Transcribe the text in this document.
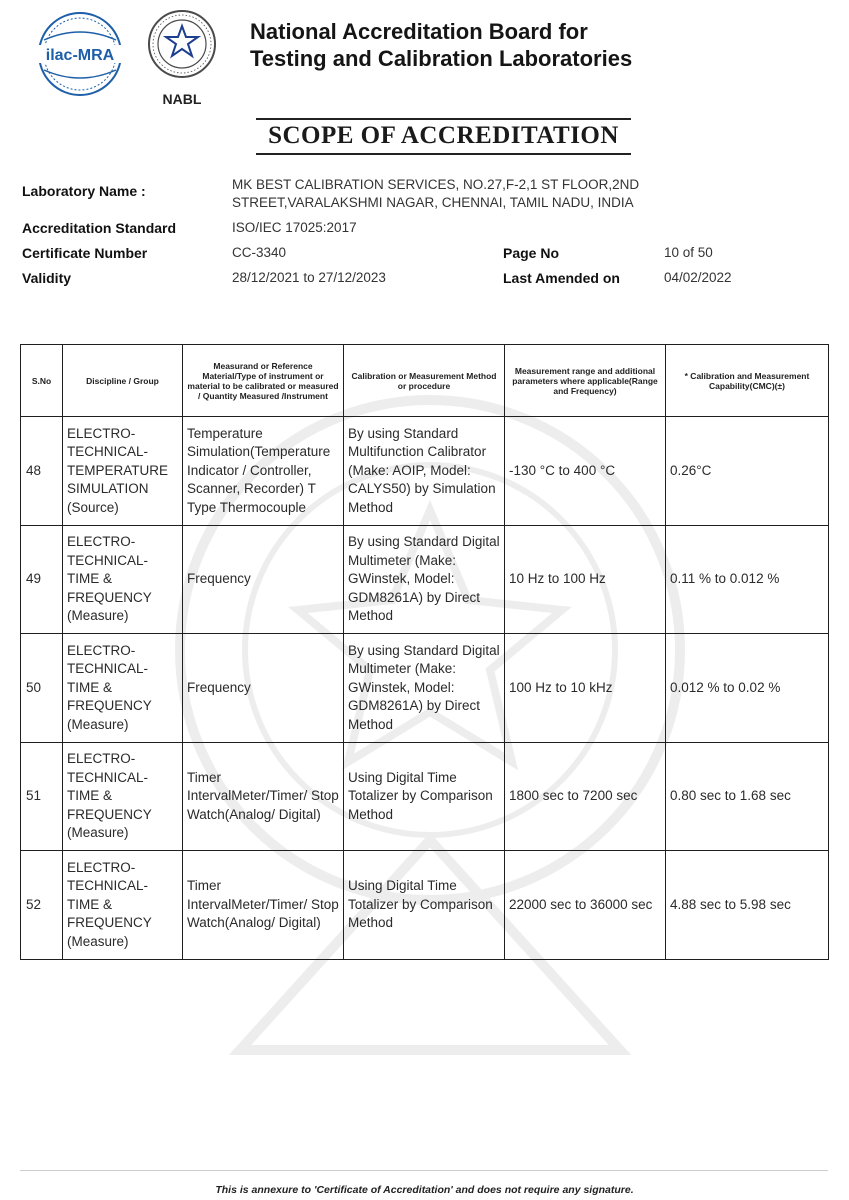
ilac-MRA
NABL
National Accreditation Board for
Testing and Calibration Laboratories
SCOPE OF ACCREDITATION
Laboratory Name :	MK BEST CALIBRATION SERVICES, NO.27,F-2,1 ST FLOOR,2ND
STREET,VARALAKSHMI NAGAR, CHENNAI, TAMIL NADU, INDIA
Accreditation Standard	ISO/IEC 17025:2017
Certificate Number	CC-3340	Page No	10 of 50
Validity	28/12/2021 to 27/12/2023	Last Amended on	04/02/2022
S.No	Discipline / Group	Measurand or Reference Material/Type of instrument or material to be calibrated or measured / Quantity Measured /Instrument	Calibration or Measurement Method or procedure	Measurement range and additional parameters where applicable(Range and Frequency)	* Calibration and Measurement Capability(CMC)(±)
48	ELECTRO-TECHNICAL-TEMPERATURE SIMULATION (Source)	Temperature Simulation(Temperature Indicator / Controller, Scanner, Recorder) T Type Thermocouple	By using Standard Multifunction Calibrator (Make: AOIP, Model: CALYS50) by Simulation Method	-130 °C to 400 °C	0.26°C
49	ELECTRO-TECHNICAL-TIME & FREQUENCY (Measure)	Frequency	By using Standard Digital Multimeter (Make: GWinstek, Model: GDM8261A) by Direct Method	10 Hz to 100 Hz	0.11 % to 0.012 %
50	ELECTRO-TECHNICAL-TIME & FREQUENCY (Measure)	Frequency	By using Standard Digital Multimeter (Make: GWinstek, Model: GDM8261A) by Direct Method	100 Hz to 10 kHz	0.012 % to 0.02 %
51	ELECTRO-TECHNICAL-TIME & FREQUENCY (Measure)	Timer IntervalMeter/Timer/ Stop Watch(Analog/ Digital)	Using Digital Time Totalizer by Comparison Method	1800 sec to 7200 sec	0.80 sec to 1.68 sec
52	ELECTRO-TECHNICAL-TIME & FREQUENCY (Measure)	Timer IntervalMeter/Timer/ Stop Watch(Analog/ Digital)	Using Digital Time Totalizer by Comparison Method	22000 sec to 36000 sec	4.88 sec to 5.98 sec
This is annexure to 'Certificate of Accreditation' and does not require any signature.
